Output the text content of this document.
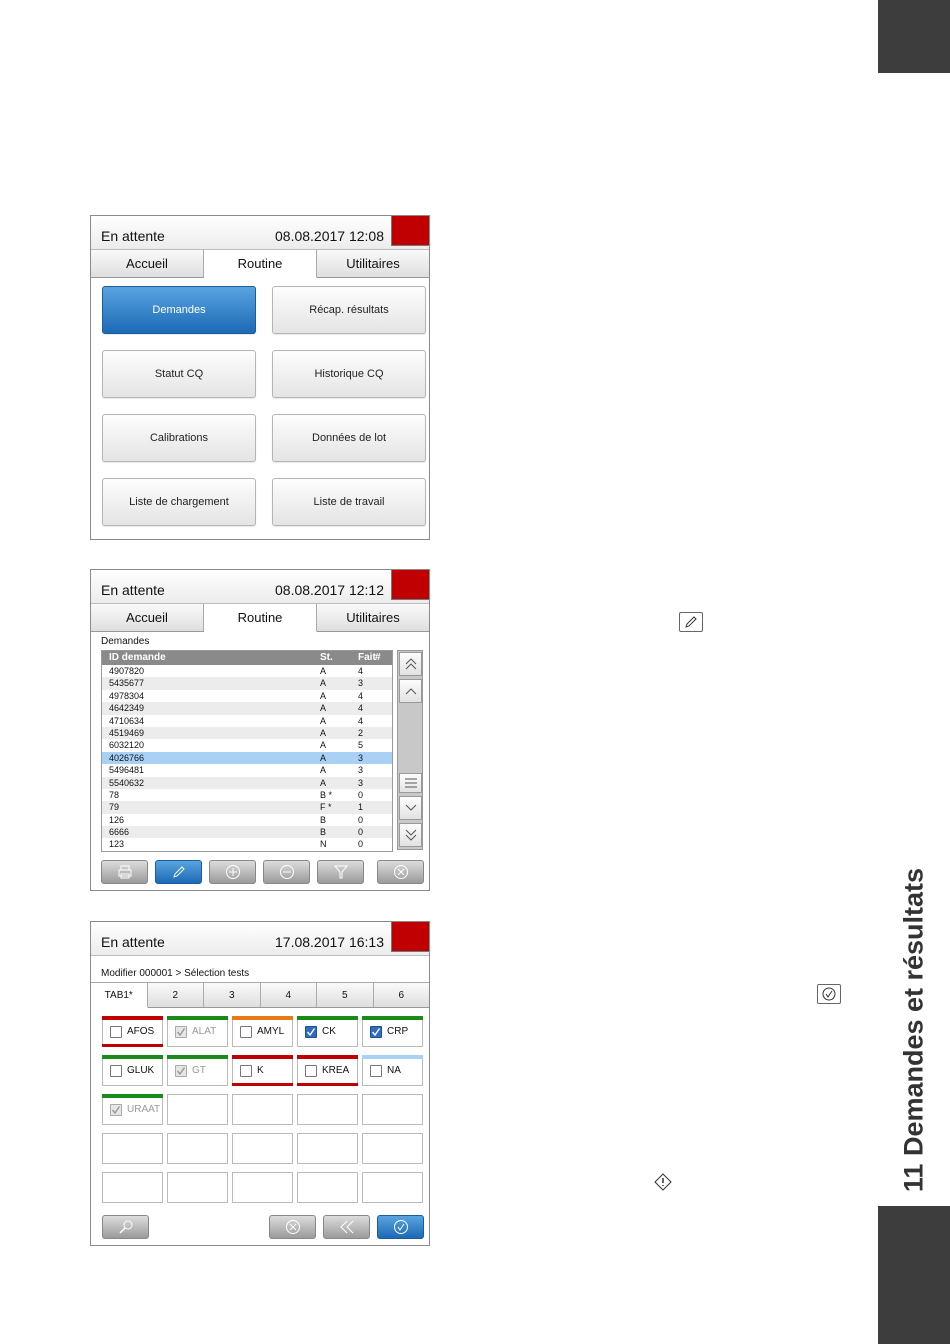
11 Demandes et résultats
En attente	08.08.2017 12:08
Accueil	Routine	Utilitaires
Demandes	Récap. résultats
Statut CQ	Historique CQ
Calibrations	Données de lot
Liste de chargement	Liste de travail
En attente	08.08.2017 12:12
Accueil	Routine	Utilitaires
Demandes
ID demande	St.	Fait #
4907820	A	4
5435677	A	3
4978304	A	4
4642349	A	4
4710634	A	4
4519469	A	2
6032120	A	5
4026766	A	3
5496481	A	3
5540632	A	3
78	B *	0
79	F *	1
126	B	0
6666	B	0
123	N	0
En attente	17.08.2017 16:13
Modifier 000001 > Sélection tests
TAB1*	2	3	4	5	6
AFOS	ALAT	AMYL	CK	CRP
GLUK	GT	K	KREA	NA
URAAT
